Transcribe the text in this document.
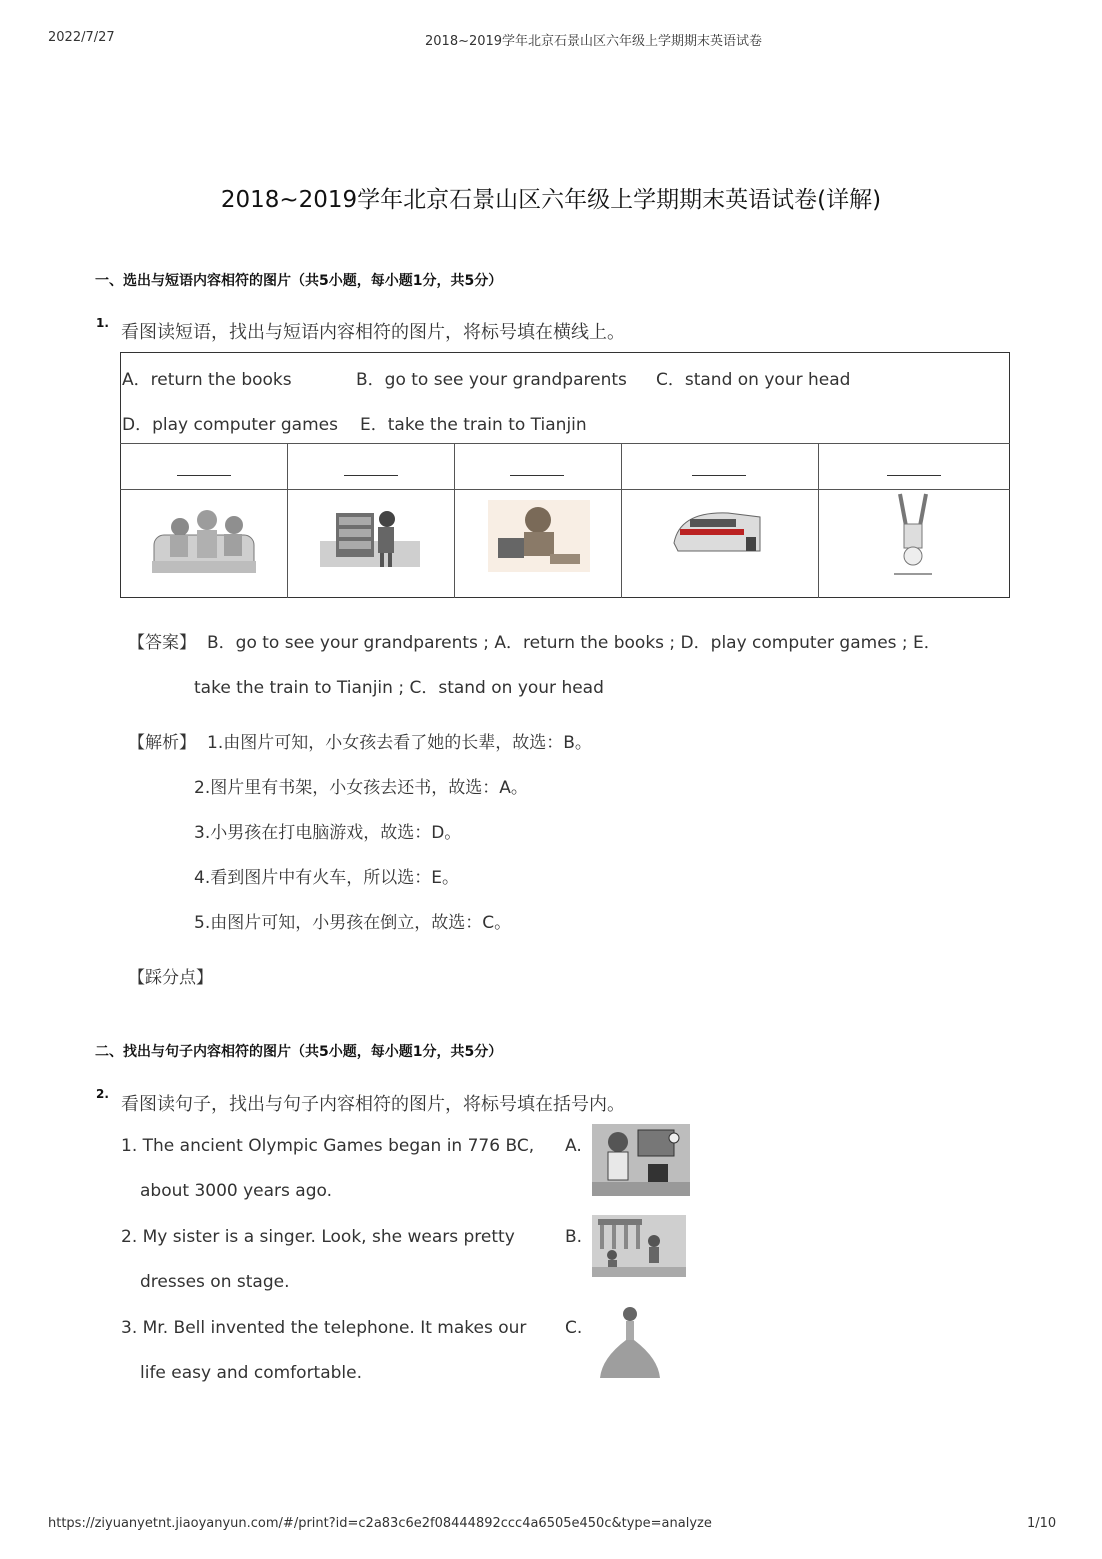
2022/7/27	2018~2019学年北京石景山区六年级上学期期末英语试卷
2018~2019学年北京石景山区六年级上学期期末英语试卷(详解)
一、选出与短语内容相符的图片（共5小题，每小题1分，共5分）
1. 看图读短语，找出与短语内容相符的图片，将标号填在横线上。
A．return the books	B．go to see your grandparents C．stand on your head
D．play computer games E．take the train to Tianjin
【答案】 B．go to see your grandparents ; A．return the books ; D．play computer games ; E．
take the train to Tianjin ; C．stand on your head
【解析】 1.由图片可知，小女孩去看了她的长辈，故选：B。
2.图片里有书架，小女孩去还书，故选：A。
3.小男孩在打电脑游戏，故选：D。
4.看到图片中有火车，所以选：E。
5.由图片可知，小男孩在倒立，故选：C。
【踩分点】
二、找出与句子内容相符的图片（共5小题，每小题1分，共5分）
2. 看图读句子，找出与句子内容相符的图片，将标号填在括号内。
1. The ancient Olympic Games began in 776 BC,
about 3000 years ago.
A.
2. My sister is a singer. Look, she wears pretty
dresses on stage.
B.
3. Mr. Bell invented the telephone. It makes our
life easy and comfortable.
C.
https://ziyuanyetnt.jiaoyanyun.com/#/print?id=c2a83c6e2f08444892ccc4a6505e450c&type=analyze	1/10
